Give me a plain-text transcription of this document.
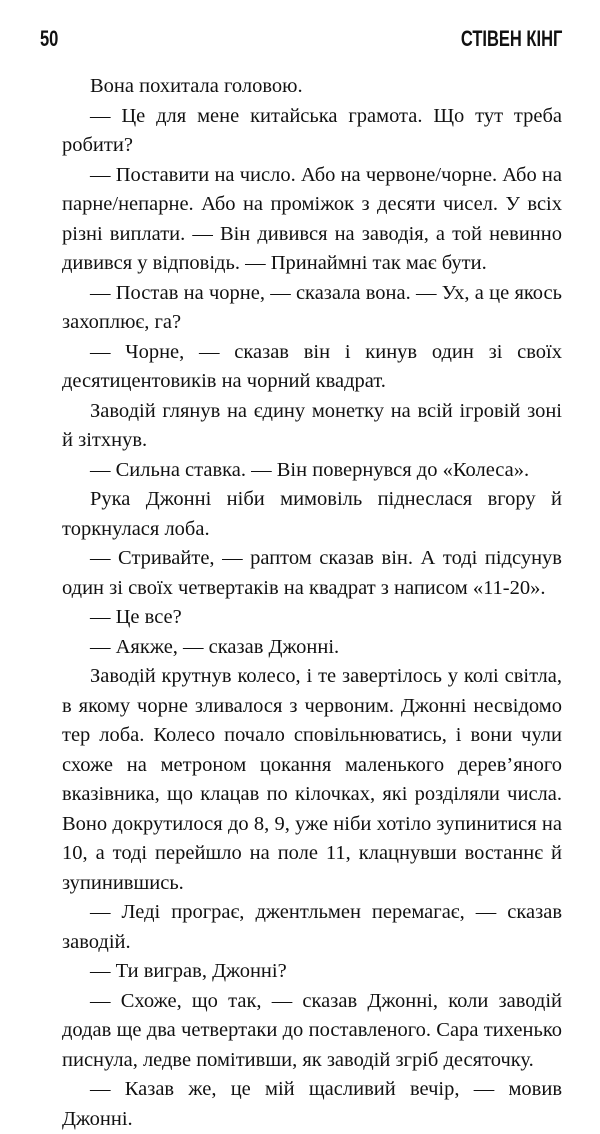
50	СТІВЕН КІНГ

Вона похитала головою.

— Це для мене китайська грамота. Що тут треба робити?

— Поставити на число. Або на червоне/чорне. Або на парне/непарне. Або на проміжок з десяти чисел. У всіх різні виплати. — Він дивився на заводія, а той невинно дивився у відповідь. — Принаймні так має бути.

— Постав на чорне, — сказала вона. — Ух, а це якось захоплює, га?

— Чорне, — сказав він і кинув один зі своїх десятицентовиків на чорний квадрат.

Заводій глянув на єдину монетку на всій ігровій зоні й зітхнув.

— Сильна ставка. — Він повернувся до «Колеса».

Рука Джонні ніби мимовіль піднеслася вгору й торкнулася лоба.

— Стривайте, — раптом сказав він. А тоді підсунув один зі своїх четвертаків на квадрат з написом «11-20».

— Це все?

— Аякже, — сказав Джонні.

Заводій крутнув колесо, і те завертілось у колі світла, в якому чорне зливалося з червоним. Джонні несвідомо тер лоба. Колесо почало сповільнюватись, і вони чули схоже на метроном цокання маленького дерев’яного вказівника, що клацав по кілочках, які розділяли числа. Воно докрутилося до 8, 9, уже ніби хотіло зупинитися на 10, а тоді перейшло на поле 11, клацнувши востаннє й зупинившись.

— Леді програє, джентльмен перемагає, — сказав заводій.

— Ти виграв, Джонні?

— Схоже, що так, — сказав Джонні, коли заводій додав ще два четвертаки до поставленого. Сара тихенько писнула, ледве помітивши, як заводій згріб десяточку.

— Казав же, це мій щасливий вечір, — мовив Джонні.
